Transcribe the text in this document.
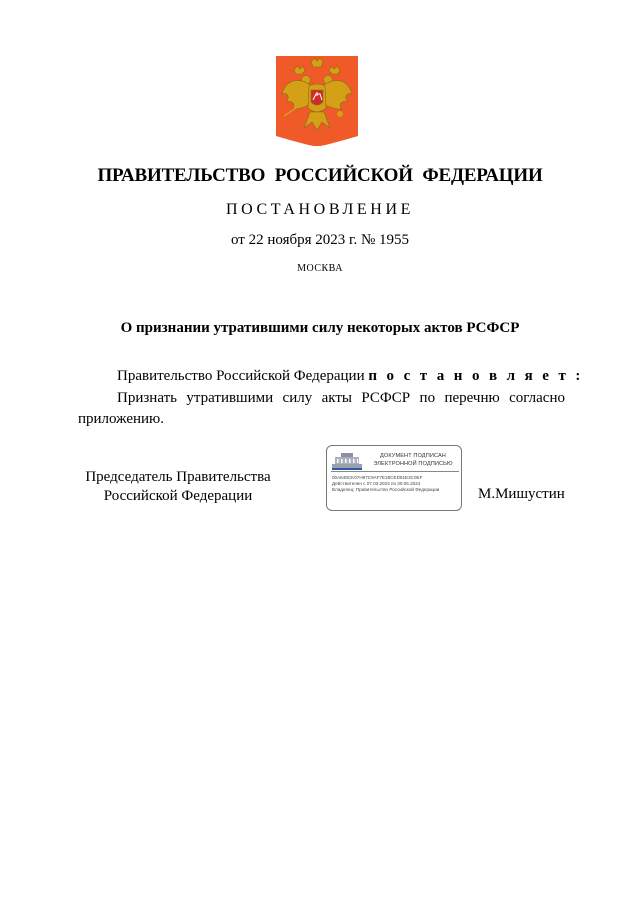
ПРАВИТЕЛЬСТВО РОССИЙСКОЙ ФЕДЕРАЦИИ
ПОСТАНОВЛЕНИЕ
от 22 ноября 2023 г. № 1955
МОСКВА
О признании утратившими силу некоторых актов РСФСР
Правительство Российской Федерации п о с т а н о в л я е т :
Признать утратившими силу акты РСФСР по перечню согласно приложению.
Председатель Правительства
Российской Федерации
ДОКУМЕНТ ПОДПИСАН
ЭЛЕКТРОННОЙ ПОДПИСЬЮ
00A649CK07H97C9AF7E29CED91E3C0EF
Действителен с 07.03.2023 по 30.05.2024
Владелец: Правительство Российской Федерации	М.Мишустин
